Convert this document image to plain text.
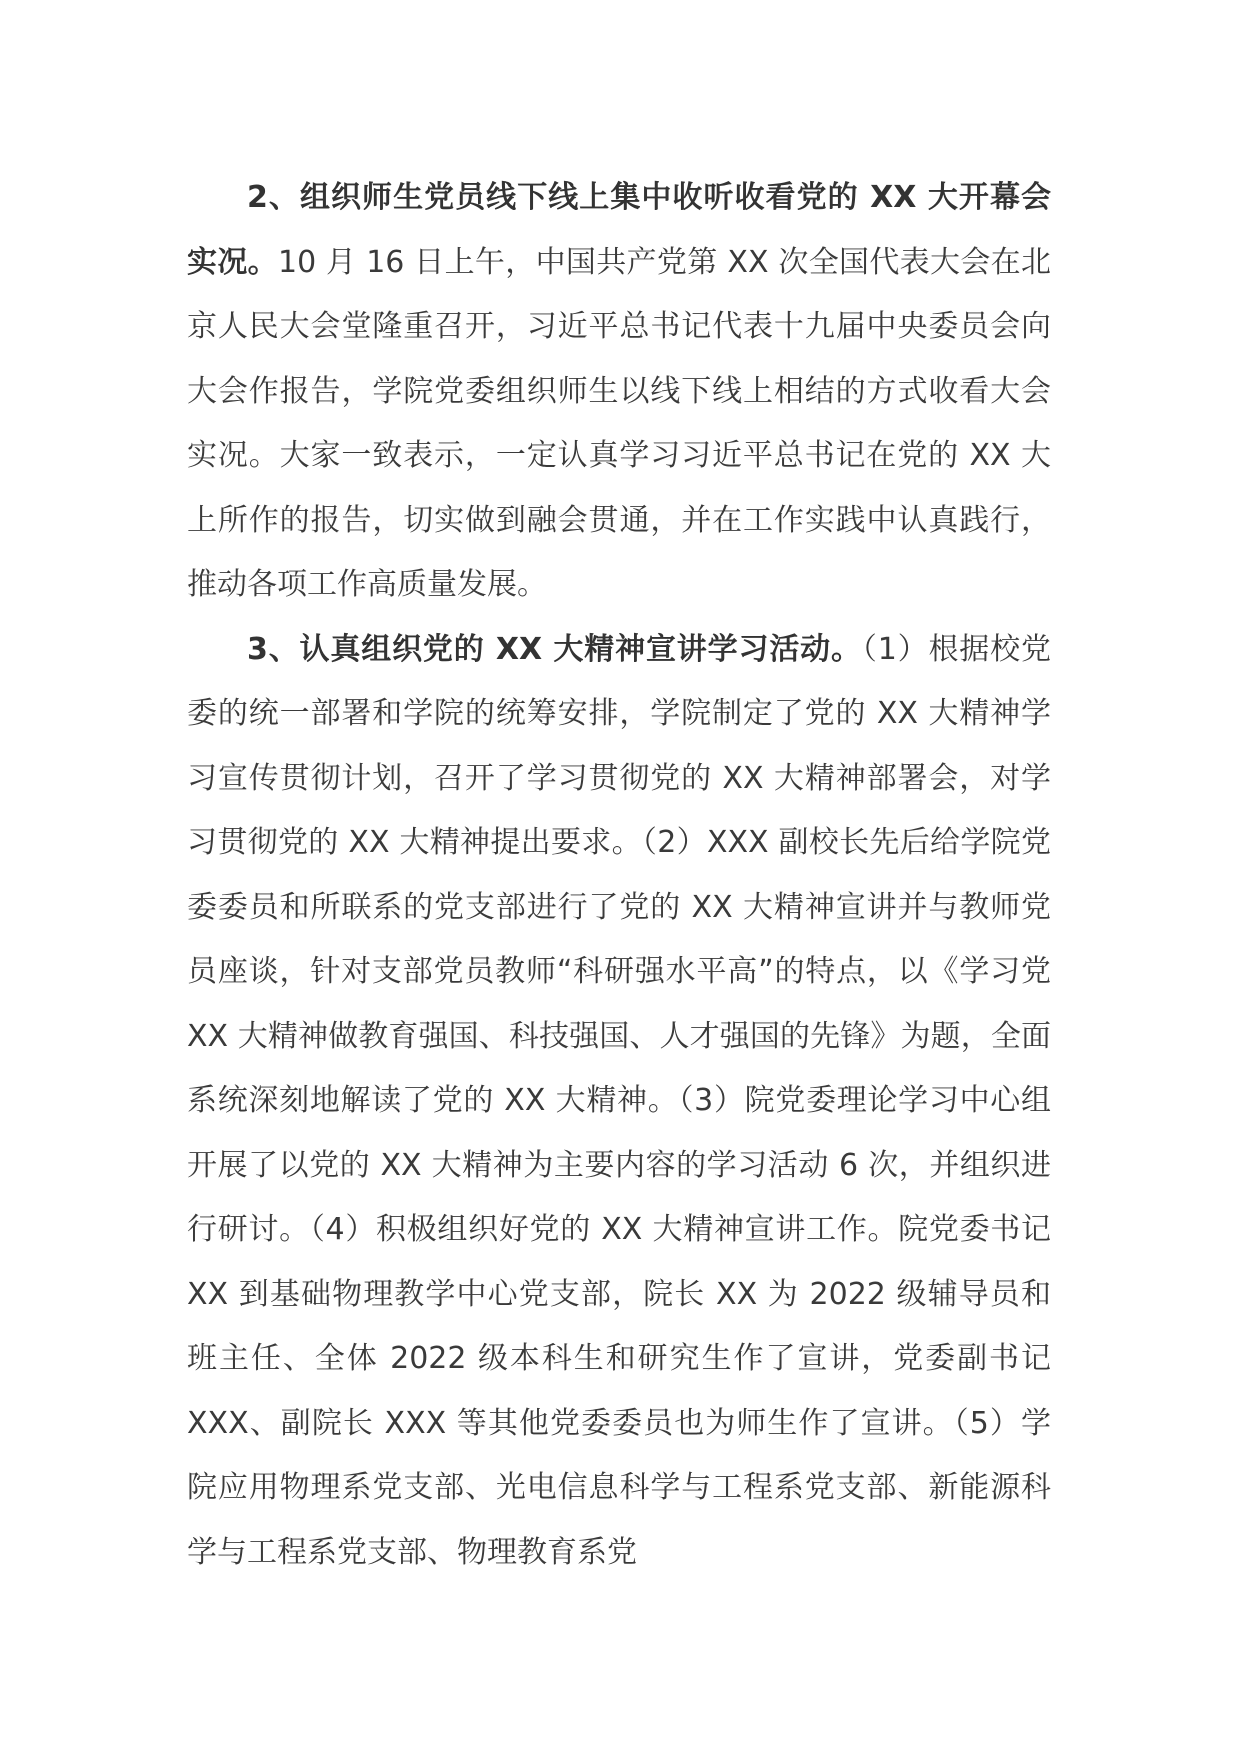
2、组织师生党员线下线上集中收听收看党的 XX 大开幕会实况。10 月 16 日上午，中国共产党第 XX 次全国代表大会在北京人民大会堂隆重召开，习近平总书记代表十九届中央委员会向大会作报告，学院党委组织师生以线下线上相结的方式收看大会实况。大家一致表示，一定认真学习习近平总书记在党的 XX 大上所作的报告，切实做到融会贯通，并在工作实践中认真践行，推动各项工作高质量发展。

3、认真组织党的 XX 大精神宣讲学习活动。（1）根据校党委的统一部署和学院的统筹安排，学院制定了党的 XX 大精神学习宣传贯彻计划，召开了学习贯彻党的 XX 大精神部署会，对学习贯彻党的 XX 大精神提出要求。（2）XXX 副校长先后给学院党委委员和所联系的党支部进行了党的 XX 大精神宣讲并与教师党员座谈，针对支部党员教师“科研强水平高”的特点，以《学习党 XX 大精神做教育强国、科技强国、人才强国的先锋》为题，全面系统深刻地解读了党的 XX 大精神。（3）院党委理论学习中心组开展了以党的 XX 大精神为主要内容的学习活动 6 次，并组织进行研讨。（4）积极组织好党的 XX 大精神宣讲工作。院党委书记 XX 到基础物理教学中心党支部，院长 XX 为 2022 级辅导员和班主任、全体 2022 级本科生和研究生作了宣讲，党委副书记 XXX、副院长 XXX 等其他党委委员也为师生作了宣讲。（5）学院应用物理系党支部、光电信息科学与工程系党支部、新能源科学与工程系党支部、物理教育系党
